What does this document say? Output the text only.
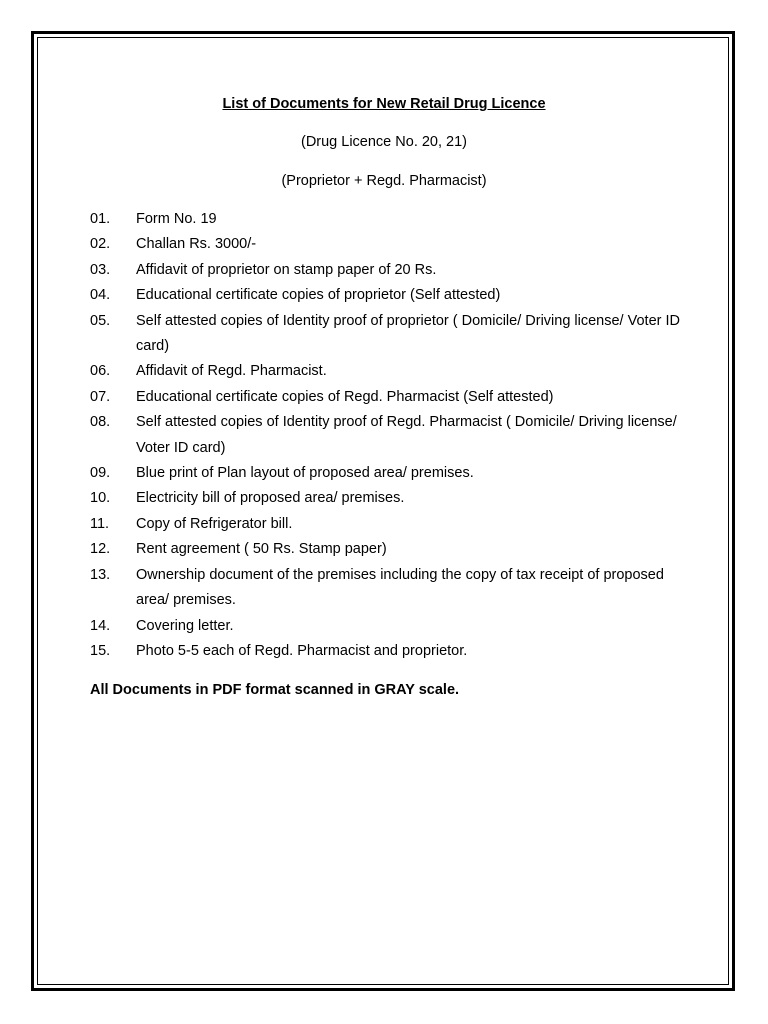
List of Documents for New Retail Drug Licence
(Drug Licence No. 20, 21)
(Proprietor + Regd. Pharmacist)
01.	Form No. 19
02.	Challan Rs. 3000/-
03.	Affidavit of proprietor on stamp paper of 20 Rs.
04.	Educational certificate copies of proprietor (Self attested)
05.	Self attested copies of Identity proof of proprietor ( Domicile/ Driving license/ Voter ID card)
06.	Affidavit of Regd. Pharmacist.
07.	Educational certificate copies of Regd. Pharmacist (Self attested)
08.	Self attested copies of Identity proof of Regd. Pharmacist ( Domicile/ Driving license/ Voter ID card)
09.	Blue print of Plan layout of proposed area/ premises.
10.	Electricity bill of proposed area/ premises.
11.	Copy of Refrigerator bill.
12.	Rent agreement ( 50 Rs. Stamp paper)
13.	Ownership document of the premises including the copy of tax receipt of proposed area/ premises.
14.	Covering letter.
15.	Photo 5-5 each of Regd. Pharmacist and proprietor.
All Documents in PDF format scanned in GRAY scale.
